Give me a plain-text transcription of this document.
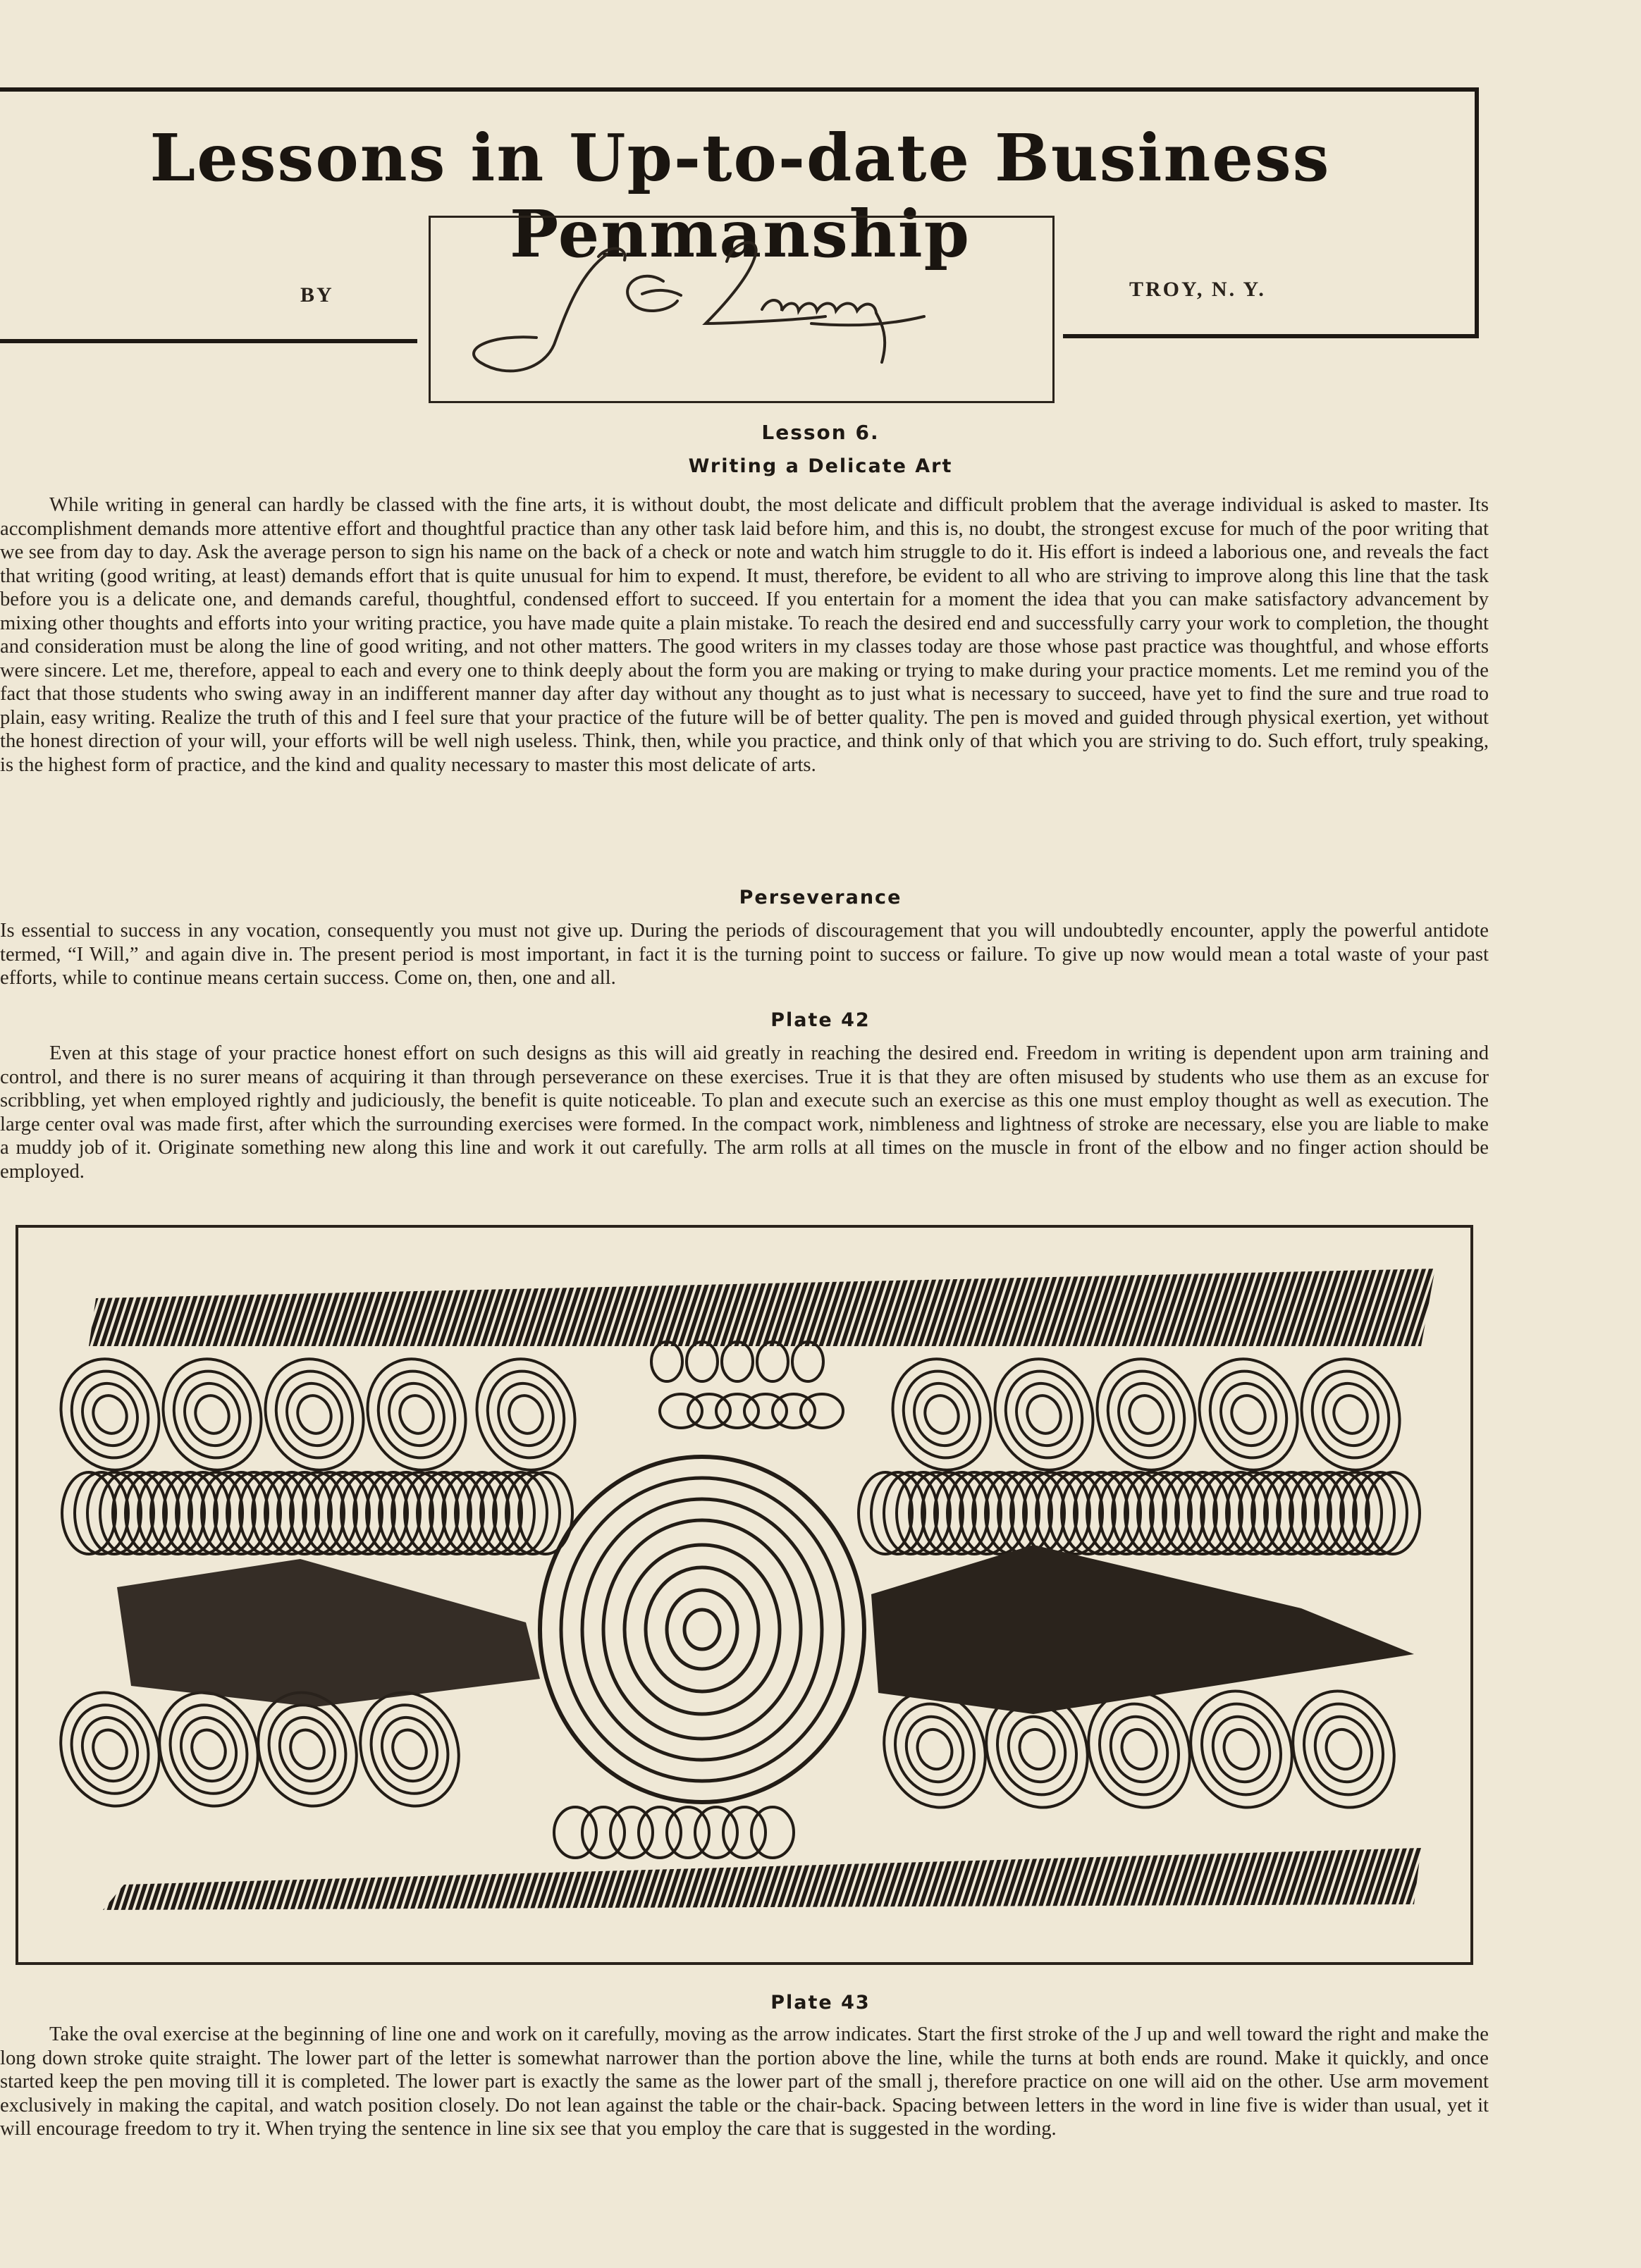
Lessons in Up-to-date Business Penmanship
BY	TROY, N. Y.
J. E. Leamy
Lesson 6.
Writing a Delicate Art

While writing in general can hardly be classed with the fine arts, it is without doubt, the most delicate and difficult problem that the average individual is asked to master. Its accomplishment demands more attentive effort and thoughtful practice than any other task laid before him, and this is, no doubt, the strongest excuse for much of the poor writing that we see from day to day. Ask the average person to sign his name on the back of a check or note and watch him struggle to do it. His effort is indeed a laborious one, and reveals the fact that writing (good writing, at least) demands effort that is quite unusual for him to expend. It must, therefore, be evident to all who are striving to improve along this line that the task before you is a delicate one, and demands careful, thoughtful, condensed effort to succeed. If you entertain for a moment the idea that you can make satisfactory advancement by mixing other thoughts and efforts into your writing practice, you have made quite a plain mistake. To reach the desired end and successfully carry your work to completion, the thought and consideration must be along the line of good writing, and not other matters. The good writers in my classes today are those whose past practice was thoughtful, and whose efforts were sincere. Let me, therefore, appeal to each and every one to think deeply about the form you are making or trying to make during your practice moments. Let me remind you of the fact that those students who swing away in an indifferent manner day after day without any thought as to just what is necessary to succeed, have yet to find the sure and true road to plain, easy writing. Realize the truth of this and I feel sure that your practice of the future will be of better quality. The pen is moved and guided through physical exertion, yet without the honest direction of your will, your efforts will be well nigh useless. Think, then, while you practice, and think only of that which you are striving to do. Such effort, truly speaking, is the highest form of practice, and the kind and quality necessary to master this most delicate of arts.

Perseverance

Is essential to success in any vocation, consequently you must not give up. During the periods of discouragement that you will undoubtedly encounter, apply the powerful antidote termed, “I Will,” and again dive in. The present period is most important, in fact it is the turning point to success or failure. To give up now would mean a total waste of your past efforts, while to continue means certain success. Come on, then, one and all.

Plate 42

Even at this stage of your practice honest effort on such designs as this will aid greatly in reaching the desired end. Freedom in writing is dependent upon arm training and control, and there is no surer means of acquiring it than through perseverance on these exercises. True it is that they are often misused by students who use them as an excuse for scribbling, yet when employed rightly and judiciously, the benefit is quite noticeable. To plan and execute such an exercise as this one must employ thought as well as execution. The large center oval was made first, after which the surrounding exercises were formed. In the compact work, nimbleness and lightness of stroke are necessary, else you are liable to make a muddy job of it. Originate something new along this line and work it out carefully. The arm rolls at all times on the muscle in front of the elbow and no finger action should be employed.

Plate 43

Take the oval exercise at the beginning of line one and work on it carefully, moving as the arrow indicates. Start the first stroke of the J up and well toward the right and make the long down stroke quite straight. The lower part of the letter is somewhat narrower than the portion above the line, while the turns at both ends are round. Make it quickly, and once started keep the pen moving till it is completed. The lower part is exactly the same as the lower part of the small j, therefore practice on one will aid on the other. Use arm movement exclusively in making the capital, and watch position closely. Do not lean against the table or the chair-back. Spacing between letters in the word in line five is wider than usual, yet it will encourage freedom to try it. When trying the sentence in line six see that you employ the care that is suggested in the wording.
